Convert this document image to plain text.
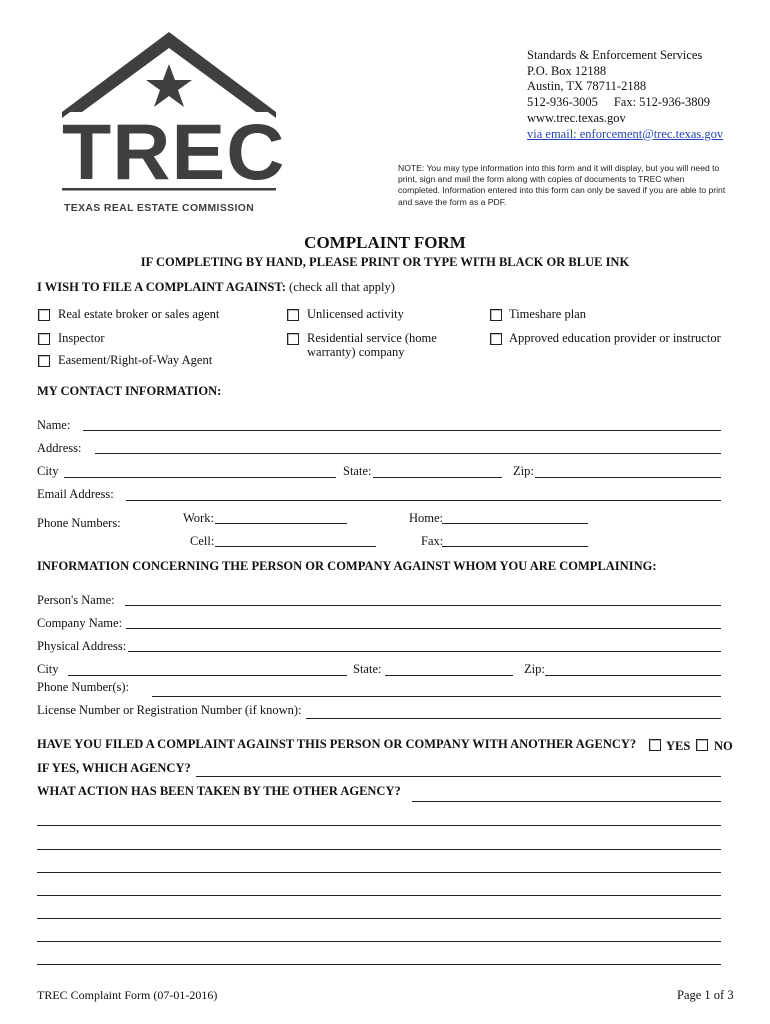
TREC
TEXAS REAL ESTATE COMMISSION
Standards & Enforcement Services
P.O. Box 12188
Austin, TX 78711-2188
512-936-3005 Fax: 512-936-3809
www.trec.texas.gov
via email: enforcement@trec.texas.gov
NOTE: You may type information into this form and it will display, but you will need to print, sign and mail the form along with copies of documents to TREC when completed. Information entered into this form can only be saved if you are able to print and save the form as a PDF.
COMPLAINT FORM
IF COMPLETING BY HAND, PLEASE PRINT OR TYPE WITH BLACK OR BLUE INK
I WISH TO FILE A COMPLAINT AGAINST: (check all that apply)
Real estate broker or sales agent
Inspector
Easement/Right-of-Way Agent
Unlicensed activity
Residential service (home
warranty) company
Timeshare plan
Approved education provider or instructor
MY CONTACT INFORMATION:
Name:
Address:
City	State:	Zip:
Email Address:
Phone Numbers:	Work:	Home:
Cell:	Fax:
INFORMATION CONCERNING THE PERSON OR COMPANY AGAINST WHOM YOU ARE COMPLAINING:
Person's Name:
Company Name:
Physical Address:
City	State:	Zip:
Phone Number(s):
License Number or Registration Number (if known):
HAVE YOU FILED A COMPLAINT AGAINST THIS PERSON OR COMPANY WITH ANOTHER AGENCY? YES NO
IF YES, WHICH AGENCY?
WHAT ACTION HAS BEEN TAKEN BY THE OTHER AGENCY?
TREC Complaint Form (07-01-2016)	Page 1 of 3
